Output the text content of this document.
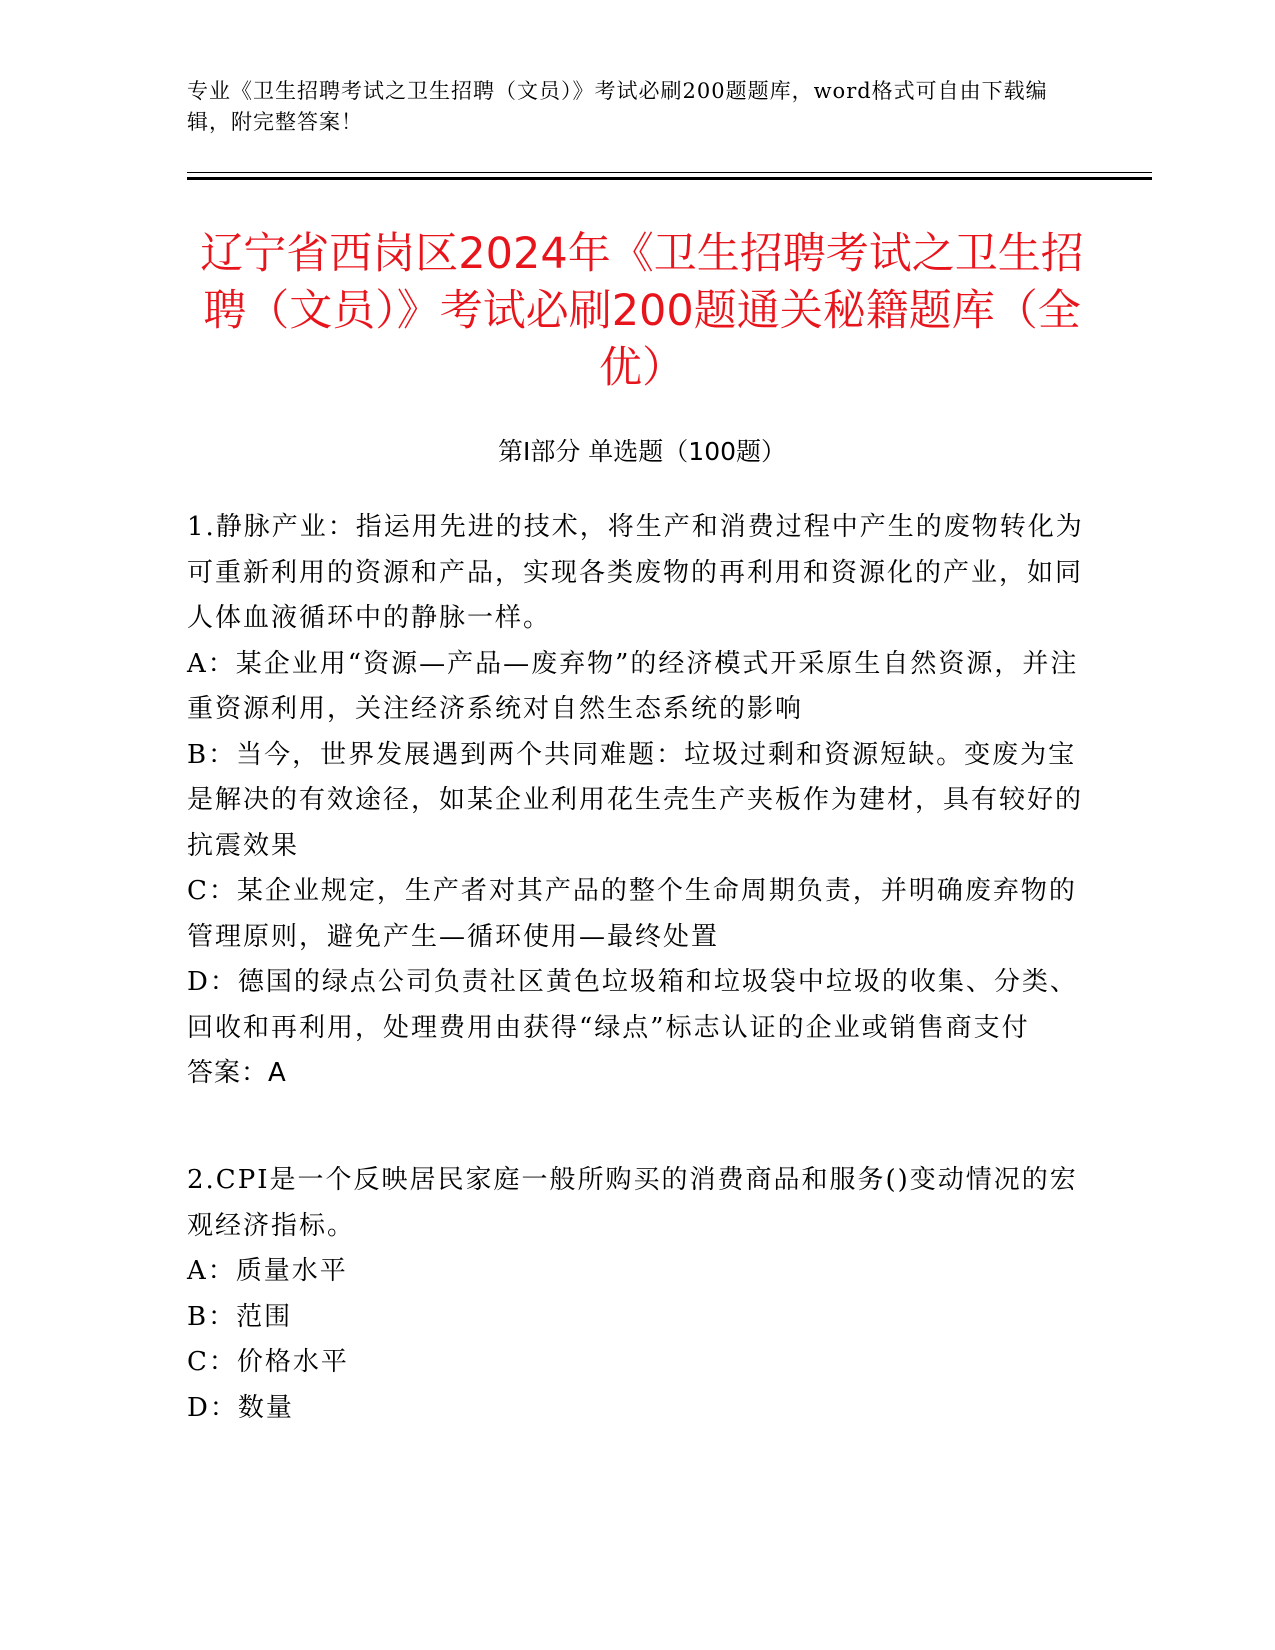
专业《卫生招聘考试之卫生招聘（文员）》考试必刷200题题库，word格式可自由下载编辑，附完整答案！
辽宁省西岗区2024年《卫生招聘考试之卫生招聘（文员）》考试必刷200题通关秘籍题库（全优）
第Ⅰ部分 单选题（100题）

1.静脉产业：指运用先进的技术，将生产和消费过程中产生的废物转化为可重新利用的资源和产品，实现各类废物的再利用和资源化的产业，如同人体血液循环中的静脉一样。

A：某企业用“资源—产品—废弃物”的经济模式开采原生自然资源，并注重资源利用，关注经济系统对自然生态系统的影响

B：当今，世界发展遇到两个共同难题：垃圾过剩和资源短缺。变废为宝是解决的有效途径，如某企业利用花生壳生产夹板作为建材，具有较好的抗震效果

C：某企业规定，生产者对其产品的整个生命周期负责，并明确废弃物的管理原则，避免产生—循环使用—最终处置

D：德国的绿点公司负责社区黄色垃圾箱和垃圾袋中垃圾的收集、分类、回收和再利用，处理费用由获得“绿点”标志认证的企业或销售商支付

答案：A

2.CPI是一个反映居民家庭一般所购买的消费商品和服务()变动情况的宏观经济指标。

A：质量水平

B：范围

C：价格水平

D：数量
